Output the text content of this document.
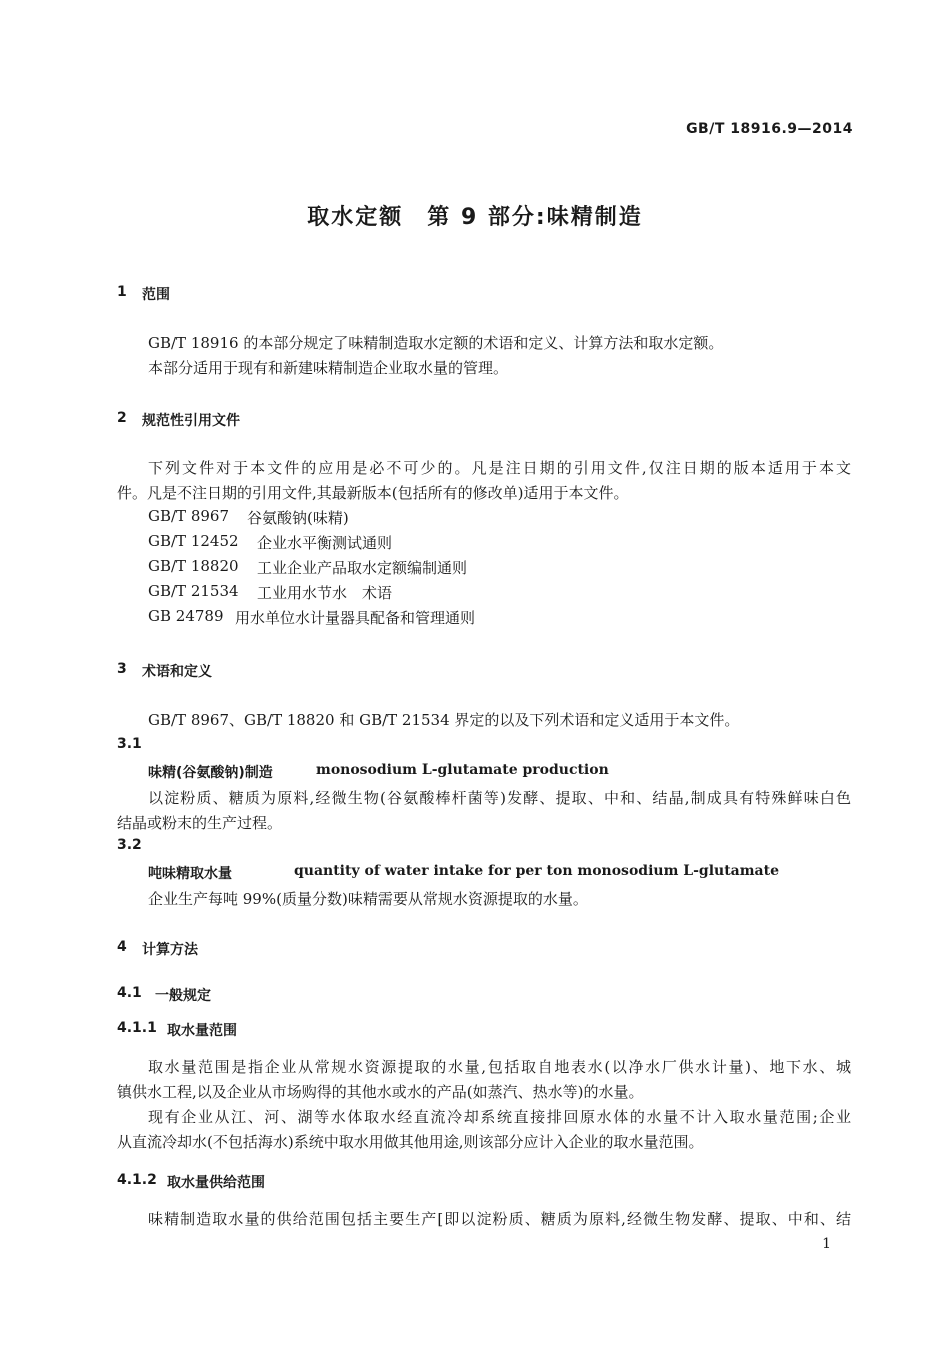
GB/T 18916.9—2014
取水定额　第 9 部分:味精制造
1 范围
GB/T 18916 的本部分规定了味精制造取水定额的术语和定义、计算方法和取水定额。
本部分适用于现有和新建味精制造企业取水量的管理。
2 规范性引用文件
下列文件对于本文件的应用是必不可少的。凡是注日期的引用文件,仅注日期的版本适用于本文
件。凡是不注日期的引用文件,其最新版本(包括所有的修改单)适用于本文件。
GB/T 8967 谷氨酸钠(味精)
GB/T 12452 企业水平衡测试通则
GB/T 18820 工业企业产品取水定额编制通则
GB/T 21534 工业用水节水　术语
GB 24789 用水单位水计量器具配备和管理通则
3 术语和定义
GB/T 8967、GB/T 18820 和 GB/T 21534 界定的以及下列术语和定义适用于本文件。
3.1
味精(谷氨酸钠)制造	monosodium L-glutamate production
以淀粉质、糖质为原料,经微生物(谷氨酸棒杆菌等)发酵、提取、中和、结晶,制成具有特殊鲜味白色
结晶或粉末的生产过程。
3.2
吨味精取水量	quantity of water intake for per ton monosodium L-glutamate
企业生产每吨 99%(质量分数)味精需要从常规水资源提取的水量。
4 计算方法
4.1 一般规定
4.1.1 取水量范围
取水量范围是指企业从常规水资源提取的水量,包括取自地表水(以净水厂供水计量)、地下水、城
镇供水工程,以及企业从市场购得的其他水或水的产品(如蒸汽、热水等)的水量。
现有企业从江、河、湖等水体取水经直流冷却系统直接排回原水体的水量不计入取水量范围;企业
从直流冷却水(不包括海水)系统中取水用做其他用途,则该部分应计入企业的取水量范围。
4.1.2 取水量供给范围
味精制造取水量的供给范围包括主要生产[即以淀粉质、糖质为原料,经微生物发酵、提取、中和、结
1
